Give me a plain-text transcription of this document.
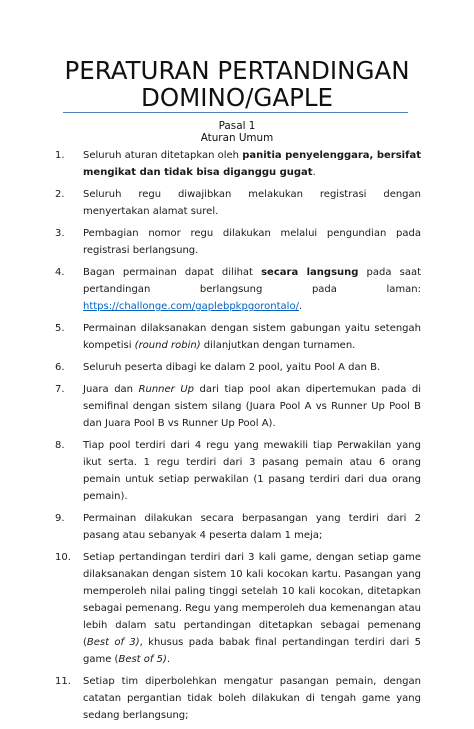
PERATURAN PERTANDINGAN
DOMINO/GAPLE
Pasal 1
Aturan Umum
1.	Seluruh aturan ditetapkan oleh panitia penyelenggara, bersifat mengikat dan tidak bisa diganggu gugat.
2.	Seluruh regu diwajibkan melakukan registrasi dengan menyertakan alamat surel.
3.	Pembagian nomor regu dilakukan melalui pengundian pada registrasi berlangsung.
4.	Bagan permainan dapat dilihat secara langsung pada saat pertandingan berlangsung pada laman: https://challonge.com/gaplebpkpgorontalo/.
5.	Permainan dilaksanakan dengan sistem gabungan yaitu setengah kompetisi (round robin) dilanjutkan dengan turnamen.
6.	Seluruh peserta dibagi ke dalam 2 pool, yaitu Pool A dan B.
7.	Juara dan Runner Up dari tiap pool akan dipertemukan pada di semifinal dengan sistem silang (Juara Pool A vs Runner Up Pool B dan Juara Pool B vs Runner Up Pool A).
8.	Tiap pool terdiri dari 4 regu yang mewakili tiap Perwakilan yang ikut serta. 1 regu terdiri dari 3 pasang pemain atau 6 orang pemain untuk setiap perwakilan (1 pasang terdiri dari dua orang pemain).
9.	Permainan dilakukan secara berpasangan yang terdiri dari 2 pasang atau sebanyak 4 peserta dalam 1 meja;
10.	Setiap pertandingan terdiri dari 3 kali game, dengan setiap game dilaksanakan dengan sistem 10 kali kocokan kartu. Pasangan yang memperoleh nilai paling tinggi setelah 10 kali kocokan, ditetapkan sebagai pemenang. Regu yang memperoleh dua kemenangan atau lebih dalam satu pertandingan ditetapkan sebagai pemenang (Best of 3), khusus pada babak final pertandingan terdiri dari 5 game (Best of 5).
11.	Setiap tim diperbolehkan mengatur pasangan pemain, dengan catatan pergantian tidak boleh dilakukan di tengah game yang sedang berlangsung;
